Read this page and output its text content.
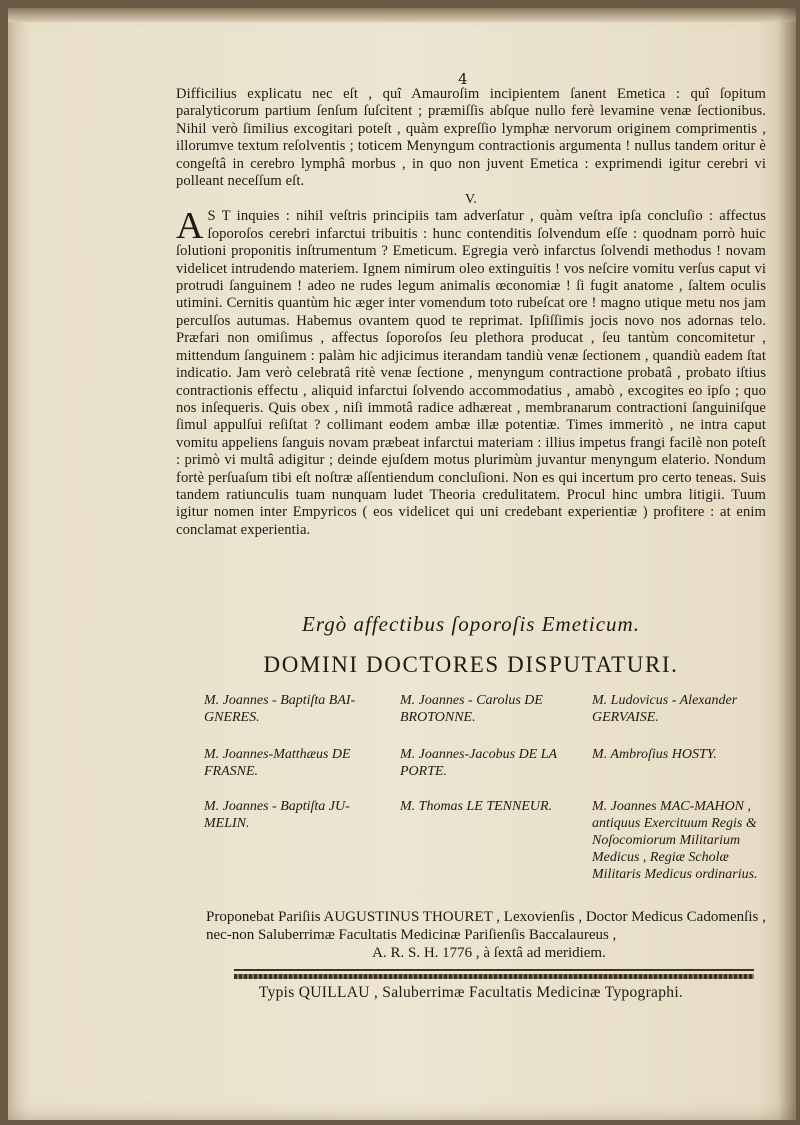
4

Difficilius explicatu nec eſt , quî Amauroſim incipientem ſanent Emetica : quî ſopitum paralyticorum partium ſenſum ſuſcitent ; præmiſſis abſque nullo ferè levamine venæ ſectionibus. Nihil verò ſimilius excogitari poteſt , quàm expreſſio lymphæ nervorum originem comprimentis , illorumve textum reſolventis ; toticem Menyngum contractionis argumenta ! nullus tandem oritur è congeſtâ in cerebro lymphâ morbus , in quo non juvent Emetica : exprimendi igitur cerebri vi polleant neceſſum eſt.

V.

A S T inquies : nihil veſtris principiis tam adverſatur , quàm veſtra ipſa concluſio : affectus ſoporoſos cerebri infarctui tribuitis : hunc contenditis ſolvendum eſſe : quodnam porrò huic ſolutioni proponitis inſtrumentum ? Emeticum. Egregia verò infarctus ſolvendi methodus ! novam videlicet intrudendo materiem. Ignem nimirum oleo extinguitis ! vos neſcire vomitu verſus caput vi protrudi ſanguinem ! adeo ne rudes legum animalis œconomiæ ! ſi fugit anatome , ſaltem oculis utimini. Cernitis quantùm hic æger inter vomendum toto rubeſcat ore ! magno utique metu nos jam perculſos autumas. Habemus ovantem quod te reprimat. Ipſiſſimis jocis novo nos adornas telo. Præfari non omiſimus , affectus ſoporoſos ſeu plethora producat , ſeu tantùm concomitetur , mittendum ſanguinem : palàm hic adjicimus iterandam tandiù venæ ſectionem , quandiù eadem ſtat indicatio. Jam verò celebratâ ritè venæ ſectione , menyngum contractione probatâ , probato iſtius contractionis effectu , aliquid infarctui ſolvendo accommodatius , amabò , excogites eo ipſo ; quo nos inſequeris. Quis obex , niſi immotâ radice adhæreat , membranarum contractioni ſanguiniſque ſimul appulſui reſiſtat ? collimant eodem ambæ illæ potentiæ. Times immeritò , ne intra caput vomitu appeliens ſanguis novam præbeat infarctui materiam : illius impetus frangi facilè non poteſt : primò vi multâ adigitur ; deinde ejuſdem motus plurimùm juvantur menyngum elaterio. Nondum fortè perſuaſum tibi eſt noſtræ aſſentiendum concluſioni. Non es qui incertum pro certo teneas. Suis tandem ratiunculis tuam nunquam ludet Theoria credulitatem. Procul hinc umbra litigii. Tuum igitur nomen inter Empyricos ( eos videlicet qui uni credebant experientiæ ) profitere : at enim conclamat experientia.

Ergò affectibus ſoporoſis Emeticum.
DOMINI DOCTORES DISPUTATURI.
M. Joannes - Baptiſta BAI- GNERES.
M. Joannes - Carolus DE BROTONNE.
M. Ludovicus - Alexander GERVAISE.
M. Joannes-Matthæus DE FRASNE.
M. Joannes-Jacobus DE LA PORTE.
M. Ambroſius HOSTY.
M. Joannes - Baptiſta JU- MELIN.
M. Thomas LE TENNEUR.	M. Joannes MAC-MAHON , antiquus Exercituum Regis & Noſocomiorum Militarium Medicus , Regiæ Scholæ Militaris Medicus ordinarius.
Proponebat Pariſiis AUGUSTINUS THOURET , Lexovienſis , Doctor Medicus Cadomenſis , nec-non Saluberrimæ Facultatis Medicinæ Pariſienſis Baccalaureus ,
A. R. S. H. 1776 , à ſextâ ad meridiem.
Typis QUILLAU , Saluberrimæ Facultatis Medicinæ Typographi.
